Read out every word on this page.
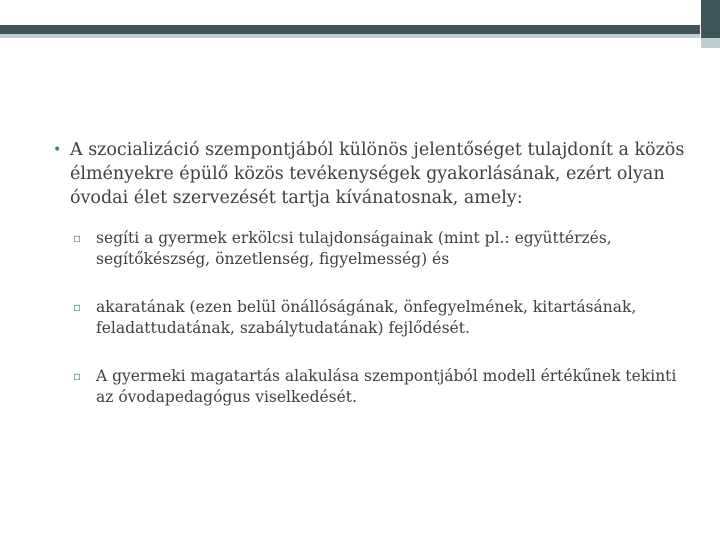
• A szocializáció szempontjából különös jelentőséget tulajdonít a közös élményekre épülő közös tevékenységek gyakorlásának, ezért olyan óvodai élet szervezését tartja kívánatosnak, amely:
▫ segíti a gyermek erkölcsi tulajdonságainak (mint pl.: együttérzés, segítőkészség, önzetlenség, figyelmesség) és
▫ akaratának (ezen belül önállóságának, önfegyelmének, kitartásának, feladattudatának, szabálytudatának) fejlődését.
▫ A gyermeki magatartás alakulása szempontjából modell értékűnek tekinti az óvodapedagógus viselkedését.
